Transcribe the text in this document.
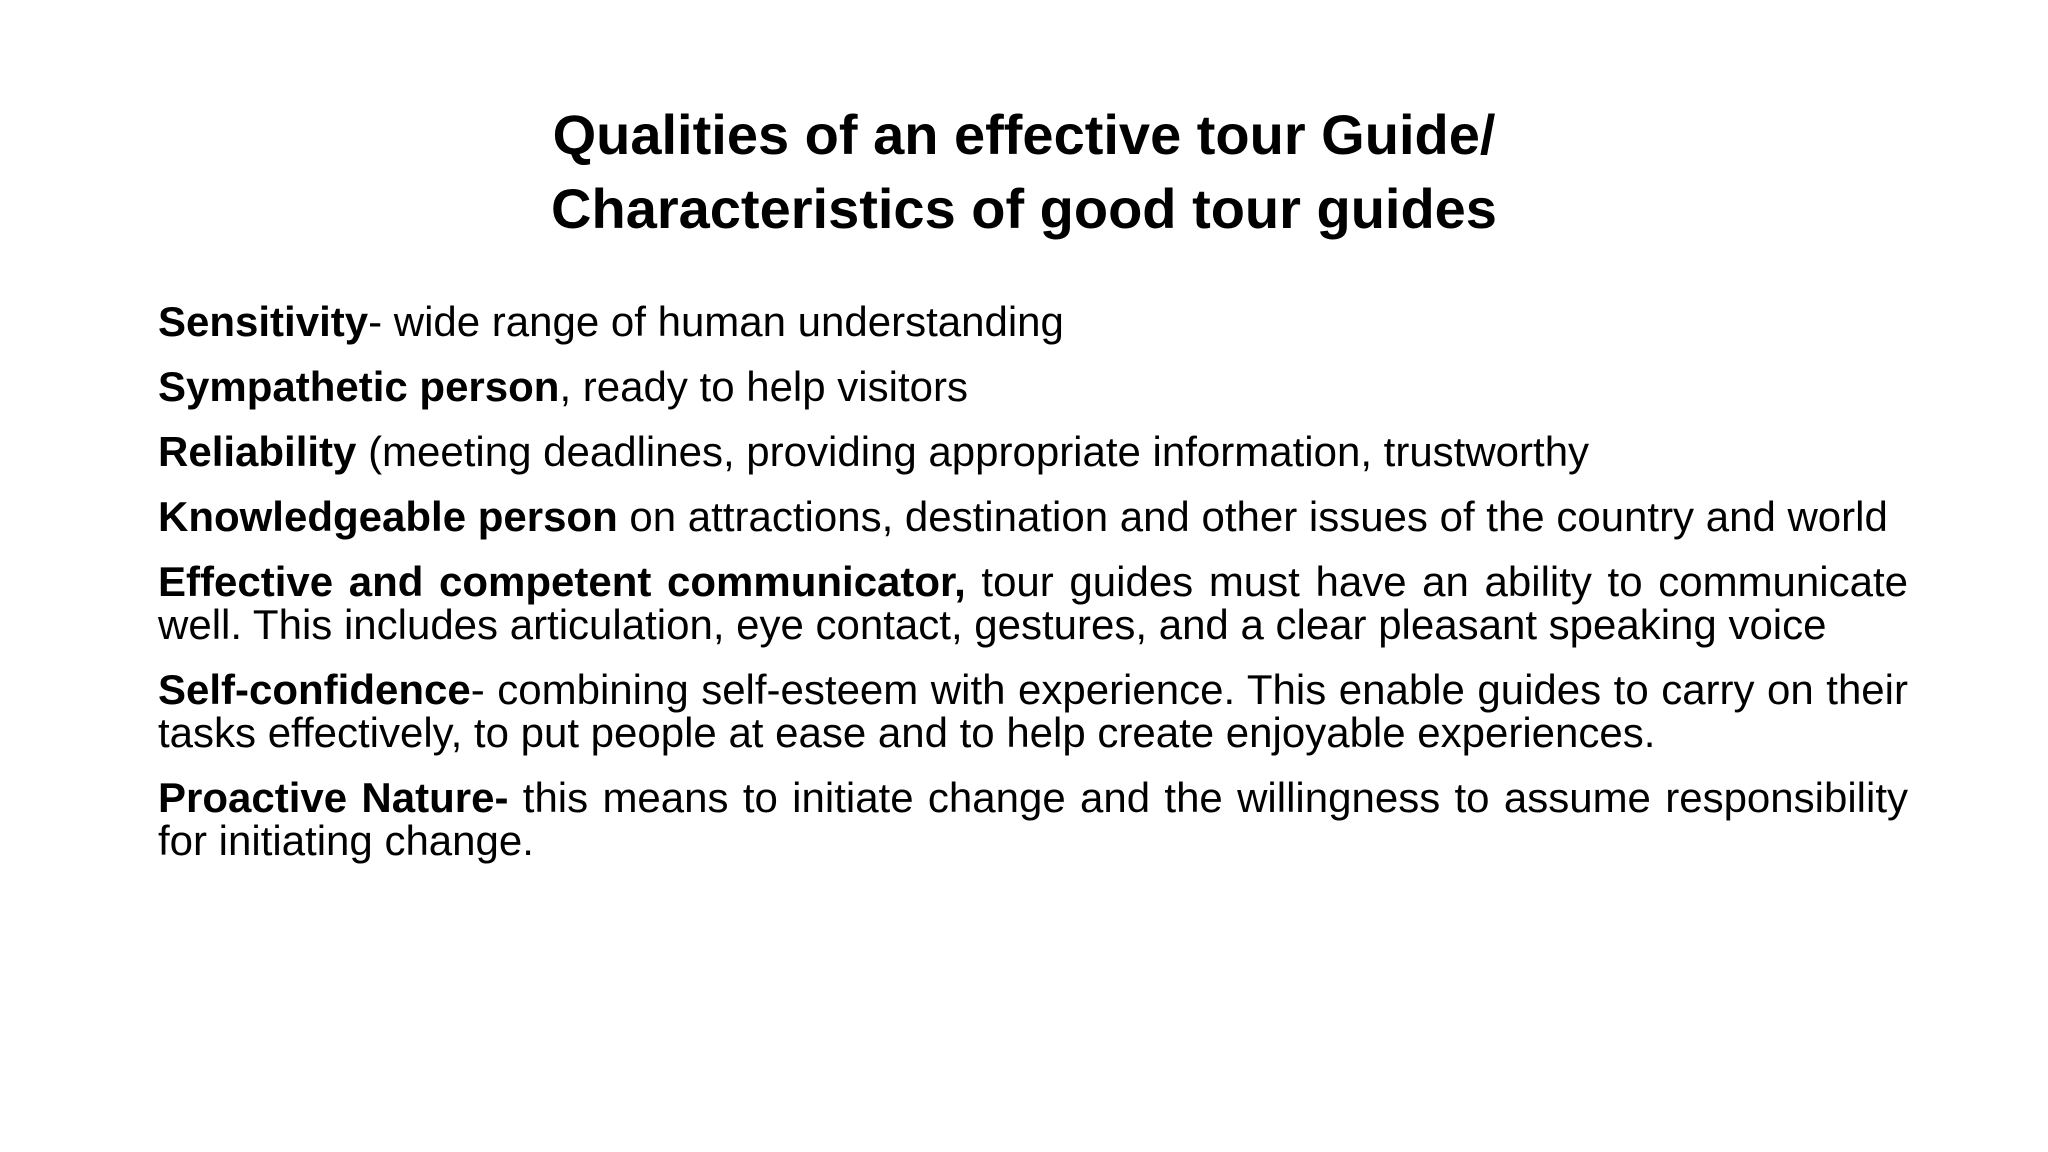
Qualities of an effective tour Guide/
Characteristics of good tour guides

Sensitivity- wide range of human understanding

Sympathetic person, ready to help visitors

Reliability (meeting deadlines, providing appropriate information, trustworthy

Knowledgeable person on attractions, destination and other issues of the country and world

Effective and competent communicator, tour guides must have an ability to communicate well. This includes articulation, eye contact, gestures, and a clear pleasant speaking voice

Self-confidence- combining self-esteem with experience. This enable guides to carry on their tasks effectively, to put people at ease and to help create enjoyable experiences.

Proactive Nature- this means to initiate change and the willingness to assume responsibility for initiating change.
